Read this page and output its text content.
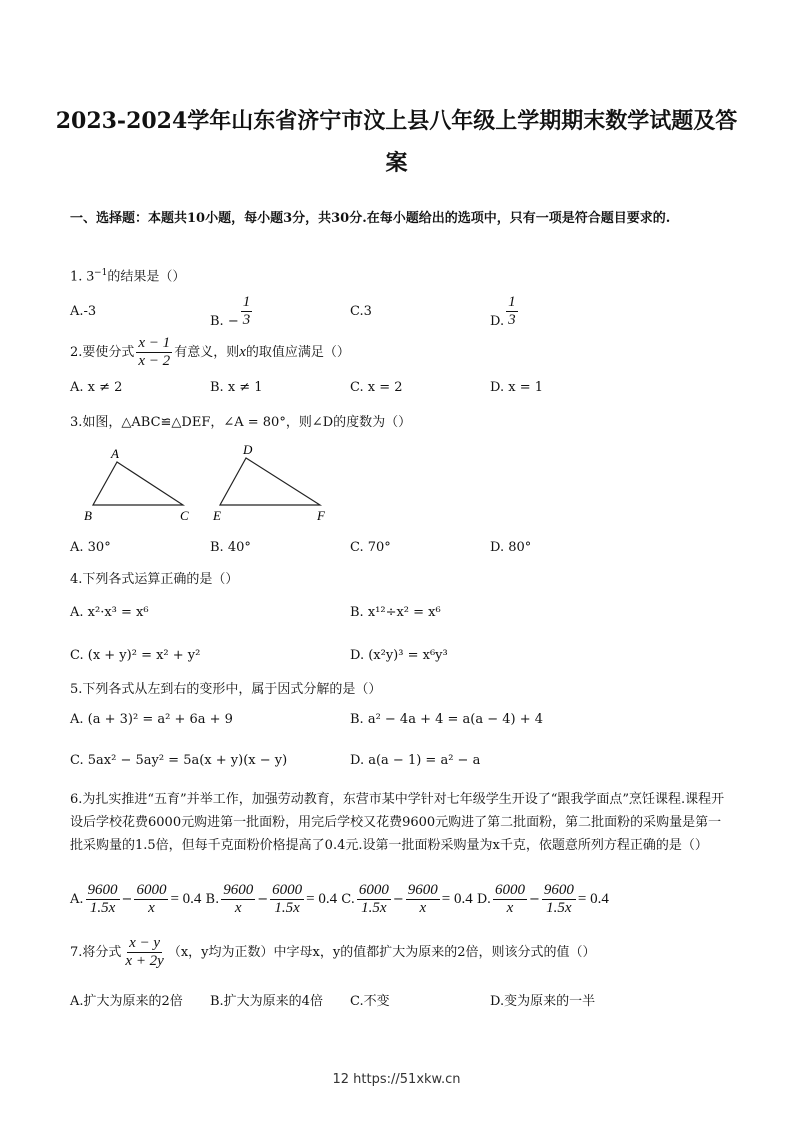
2023-2024学年山东省济宁市汶上县八年级上学期期末数学试题及答
案
一、选择题：本题共10小题，每小题3分，共30分.在每小题给出的选项中，只有一项是符合题目要求的.
1. $3^{-1}$的结果是（）
A.-3
B. − $\frac{1}{3}$	C.3
D. $\frac{1}{3}$
2.要使分式 $\frac{x - 1}{x - 2}$ 有意义，则x的取值应满足（）
A. x ≠ 2	B. x ≠ 1	C. x = 2	D. x = 1
3.如图，△ABC≌△DEF，∠A = 80°，则∠D的度数为（）
A
B	C
D
E	F
A. 30°	B. 40°	C. 70°	D. 80°
4.下列各式运算正确的是（）
A. x²·x³ = x⁶	B. x¹²÷x² = x⁶
C. (x + y)² = x² + y²	D. (x²y)³ = x⁶y³
5.下列各式从左到右的变形中，属于因式分解的是（）
A. (a + 3)² = a² + 6a + 9	B. a² − 4a + 4 = a(a − 4) + 4
C. 5ax² − 5ay² = 5a(x + y)(x − y)	D. a(a − 1) = a² − a
6.为扎实推进“五育”并举工作，加强劳动教育，东营市某中学针对七年级学生开设了“跟我学面点”烹饪课程.课程开设后学校花费6000元购进第一批面粉，用完后学校又花费9600元购进了第二批面粉，第二批面粉的采购量是第一批采购量的1.5倍，但每千克面粉价格提高了0.4元.设第一批面粉采购量为x千克，依题意所列方程正确的是（）
A. $\frac{9600}{1.5x} - \frac{6000}{x} = 0.4$ B. $\frac{9600}{x} - \frac{6000}{1.5x} = 0.4$ C. $\frac{6000}{1.5x} - \frac{9600}{x} = 0.4$ D. $\frac{6000}{x} - \frac{9600}{1.5x} = 0.4$
7.将分式 $\frac{x - y}{x + 2y} (x$，y均为正数）中字母x，y的值都扩大为原来的2倍，则该分式的值（）
A.扩大为原来的2倍 B.扩大为原来的4倍 C.不变	D.变为原来的一半
12 https://51xkw.cn
